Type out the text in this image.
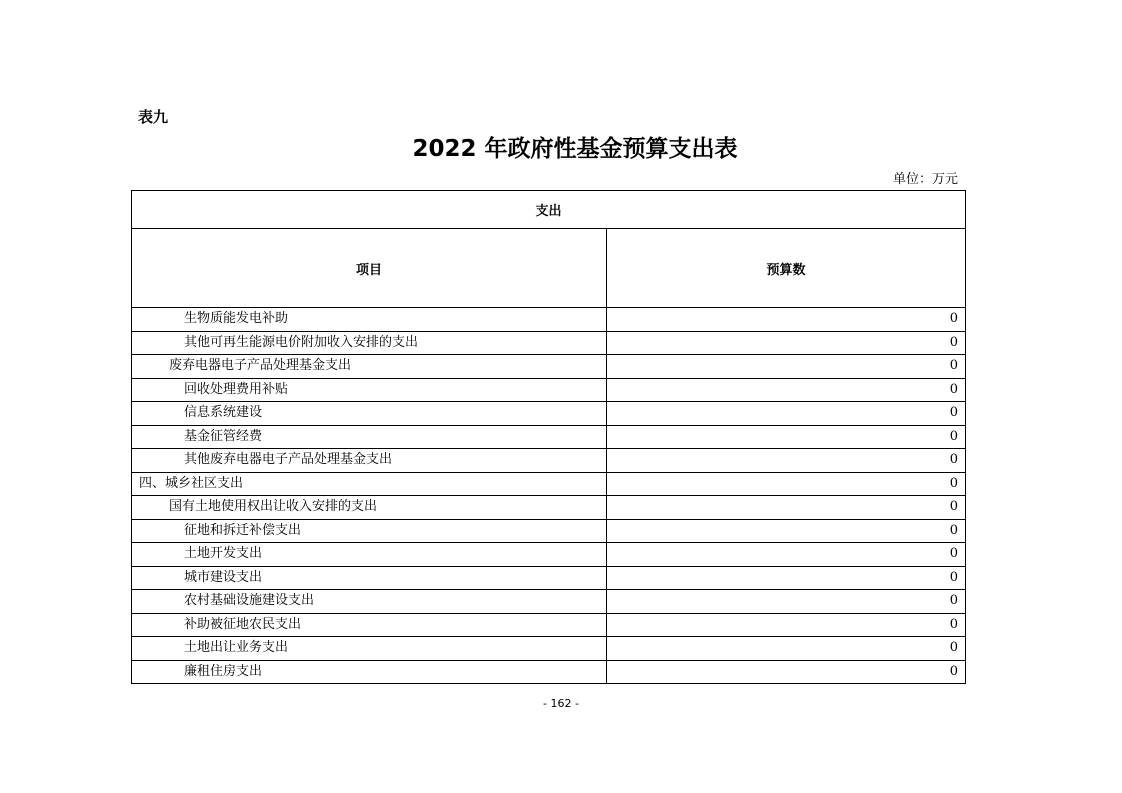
表九
2022 年政府性基金预算支出表
单位：万元
支出	
项目	预算数
生物质能发电补助	0
其他可再生能源电价附加收入安排的支出	0
废弃电器电子产品处理基金支出	0
回收处理费用补贴	0
信息系统建设	0
基金征管经费	0
其他废弃电器电子产品处理基金支出	0
四、城乡社区支出	0
国有土地使用权出让收入安排的支出	0
征地和拆迁补偿支出	0
土地开发支出	0
城市建设支出	0
农村基础设施建设支出	0
补助被征地农民支出	0
土地出让业务支出	0
廉租住房支出	0
- 162 -
